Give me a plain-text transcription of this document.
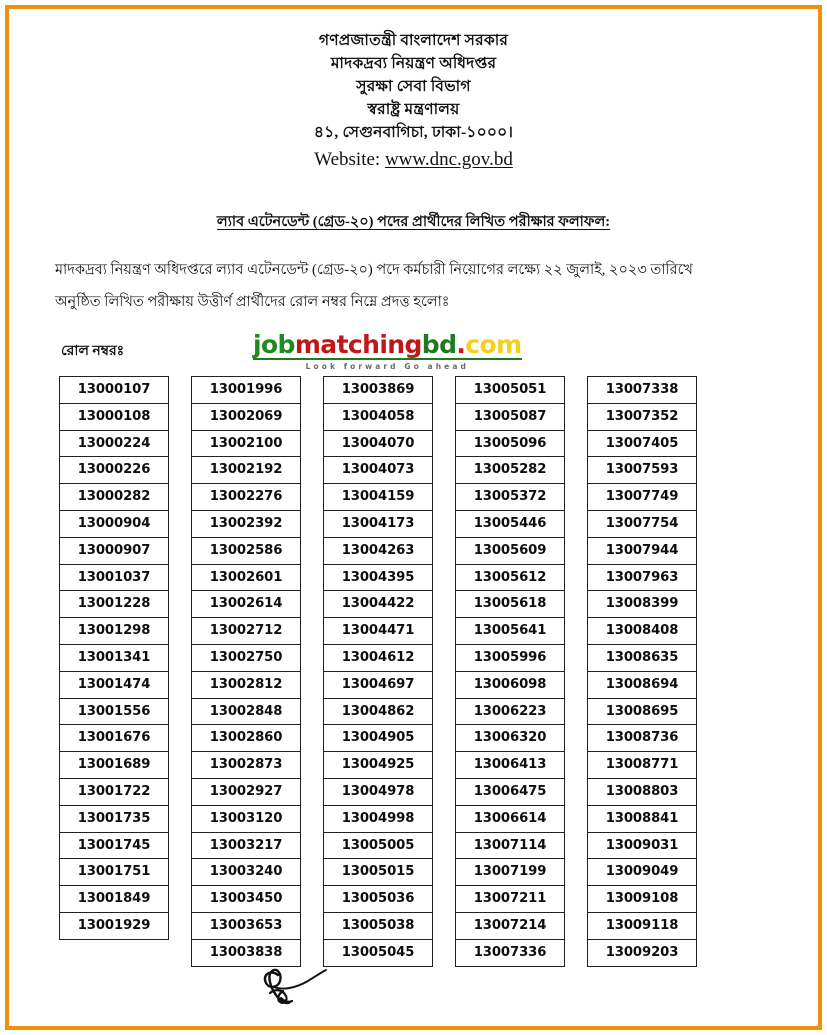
গণপ্রজাতন্ত্রী বাংলাদেশ সরকার
মাদকদ্রব্য নিয়ন্ত্রণ অধিদপ্তর
সুরক্ষা সেবা বিভাগ
স্বরাষ্ট্র মন্ত্রণালয়
৪১, সেগুনবাগিচা, ঢাকা-১০০০।
Website: www.dnc.gov.bd
ল্যাব এটেনডেন্ট (গ্রেড-২০) পদের প্রার্থীদের লিখিত পরীক্ষার ফলাফল:
মাদকদ্রব্য নিয়ন্ত্রণ অধিদপ্তরে ল্যাব এটেনডেন্ট (গ্রেড-২০) পদে কর্মচারী নিয়োগের লক্ষ্যে ২২ জুলাই, ২০২৩ তারিখে
অনুষ্ঠিত লিখিত পরীক্ষায় উত্তীর্ণ প্রার্থীদের রোল নম্বর নিম্নে প্রদত্ত হলোঃ
রোল নম্বরঃ	jobmatchingbd.com
Look forward Go ahead
13000107
13000108
13000224
13000226
13000282
13000904
13000907
13001037
13001228
13001298
13001341
13001474
13001556
13001676
13001689
13001722
13001735
13001745
13001751
13001849
13001929
13001996
13002069
13002100
13002192
13002276
13002392
13002586
13002601
13002614
13002712
13002750
13002812
13002848
13002860
13002873
13002927
13003120
13003217
13003240
13003450
13003653
13003838
13003869
13004058
13004070
13004073
13004159
13004173
13004263
13004395
13004422
13004471
13004612
13004697
13004862
13004905
13004925
13004978
13004998
13005005
13005015
13005036
13005038
13005045
13005051
13005087
13005096
13005282
13005372
13005446
13005609
13005612
13005618
13005641
13005996
13006098
13006223
13006320
13006413
13006475
13006614
13007114
13007199
13007211
13007214
13007336
13007338
13007352
13007405
13007593
13007749
13007754
13007944
13007963
13008399
13008408
13008635
13008694
13008695
13008736
13008771
13008803
13008841
13009031
13009049
13009108
13009118
13009203
